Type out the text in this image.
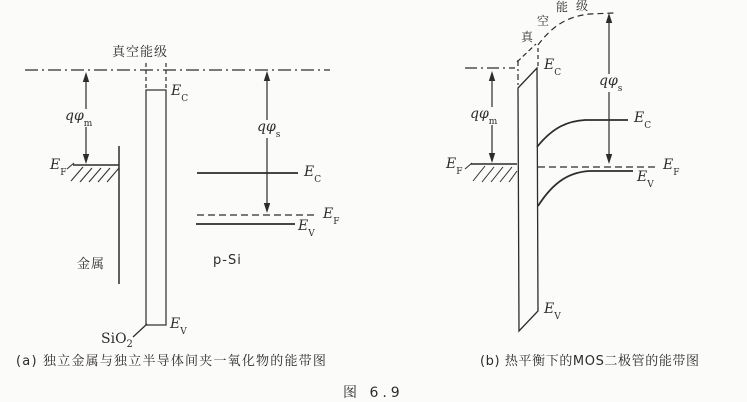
真空能级
$q\varphi_m$
$E_F$
金属
$E_C$
$E_V$
SiO$_2$
$q\varphi_s$
p-Si
$E_C$
$E_F$
$E_V$
(a) 独立金属与独立半导体间夹一氧化物的能带图
真
空
能 级
$E_C$
$q\varphi_s$
$q\varphi_m$
$E_F$
$E_C$
$E_F$
$E_V$
$E_V$
(b) 热平衡下的MOS二极管的能带图
图 6.9
